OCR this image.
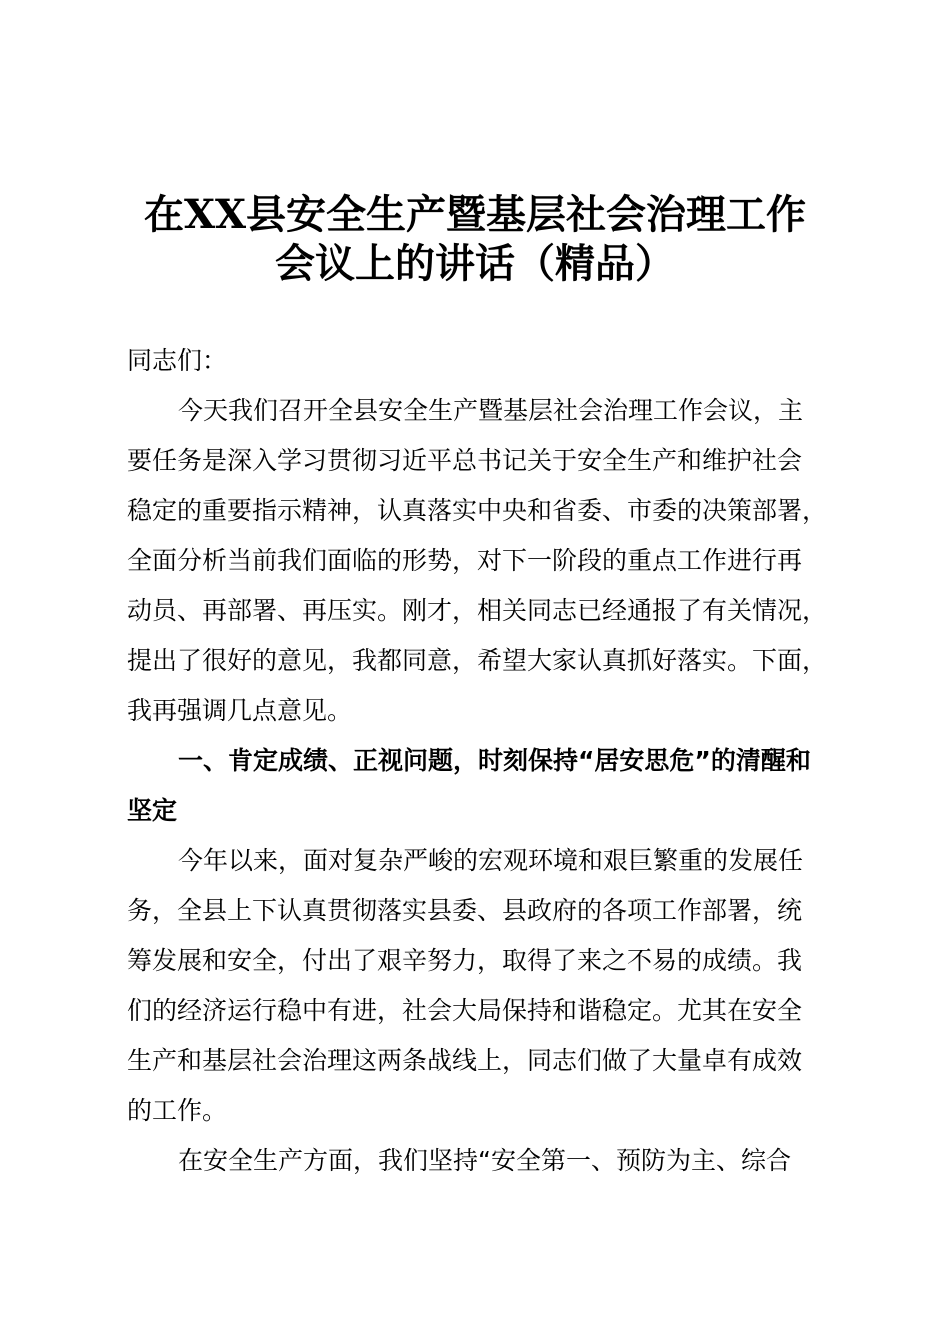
在XX县安全生产暨基层社会治理工作
会议上的讲话（精品）

同志们：

今天我们召开全县安全生产暨基层社会治理工作会议，主

要任务是深入学习贯彻习近平总书记关于安全生产和维护社会

稳定的重要指示精神，认真落实中央和省委、市委的决策部署，

全面分析当前我们面临的形势，对下一阶段的重点工作进行再

动员、再部署、再压实。刚才，相关同志已经通报了有关情况，

提出了很好的意见，我都同意，希望大家认真抓好落实。下面，

我再强调几点意见。

一、肯定成绩、正视问题，时刻保持“居安思危”的清醒和

坚定

今年以来，面对复杂严峻的宏观环境和艰巨繁重的发展任

务，全县上下认真贯彻落实县委、县政府的各项工作部署，统

筹发展和安全，付出了艰辛努力，取得了来之不易的成绩。我

们的经济运行稳中有进，社会大局保持和谐稳定。尤其在安全

生产和基层社会治理这两条战线上，同志们做了大量卓有成效

的工作。

在安全生产方面，我们坚持“安全第一、预防为主、综合
